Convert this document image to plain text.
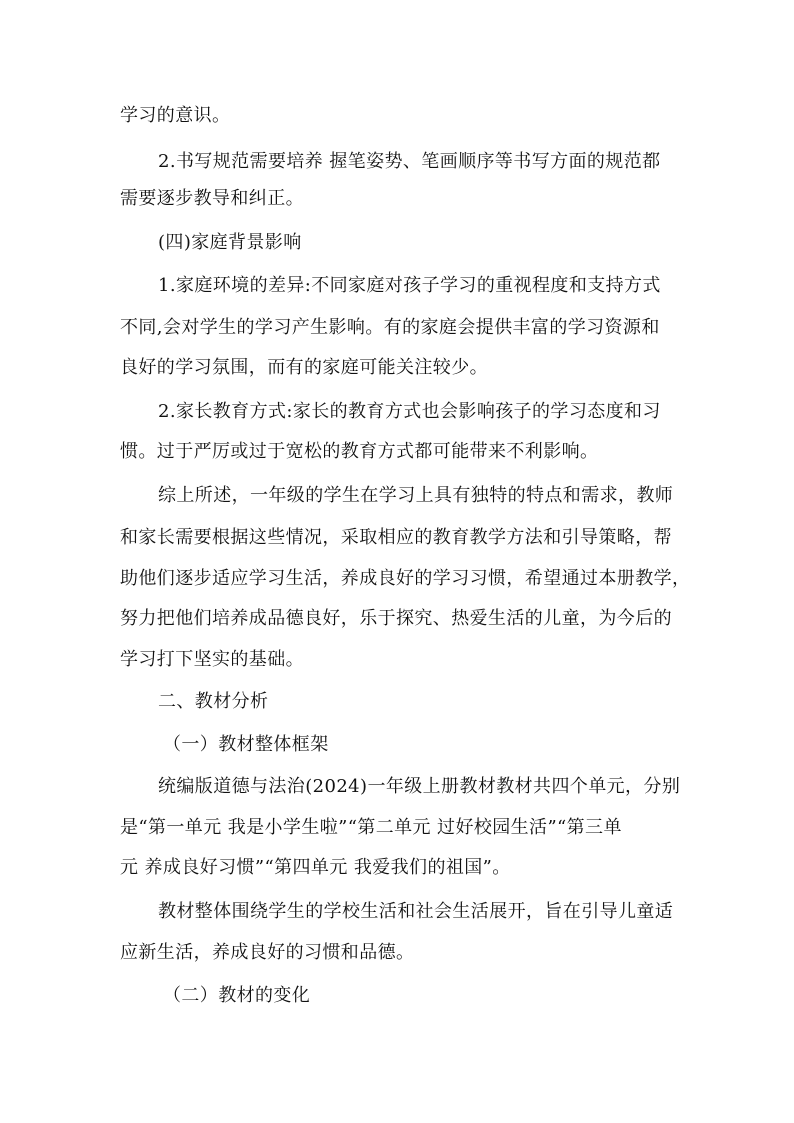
学习的意识。
2.书写规范需要培养 握笔姿势、笔画顺序等书写方面的规范都
需要逐步教导和纠正。
(四)家庭背景影响
1.家庭环境的差异:不同家庭对孩子学习的重视程度和支持方式
不同,会对学生的学习产生影响。有的家庭会提供丰富的学习资源和
良好的学习氛围，而有的家庭可能关注较少。
2.家长教育方式:家长的教育方式也会影响孩子的学习态度和习
惯。过于严厉或过于宽松的教育方式都可能带来不利影响。
综上所述，一年级的学生在学习上具有独特的特点和需求，教师
和家长需要根据这些情况，采取相应的教育教学方法和引导策略，帮
助他们逐步适应学习生活，养成良好的学习习惯，希望通过本册教学，
努力把他们培养成品德良好，乐于探究、热爱生活的儿童，为今后的
学习打下坚实的基础。
二、教材分析
（一）教材整体框架
统编版道德与法治(2024)一年级上册教材教材共四个单元，分别
是“第一单元 我是小学生啦”“第二单元 过好校园生活”“第三单
元 养成良好习惯”“第四单元 我爱我们的祖国”。
教材整体围绕学生的学校生活和社会生活展开，旨在引导儿童适
应新生活，养成良好的习惯和品德。
（二）教材的变化
